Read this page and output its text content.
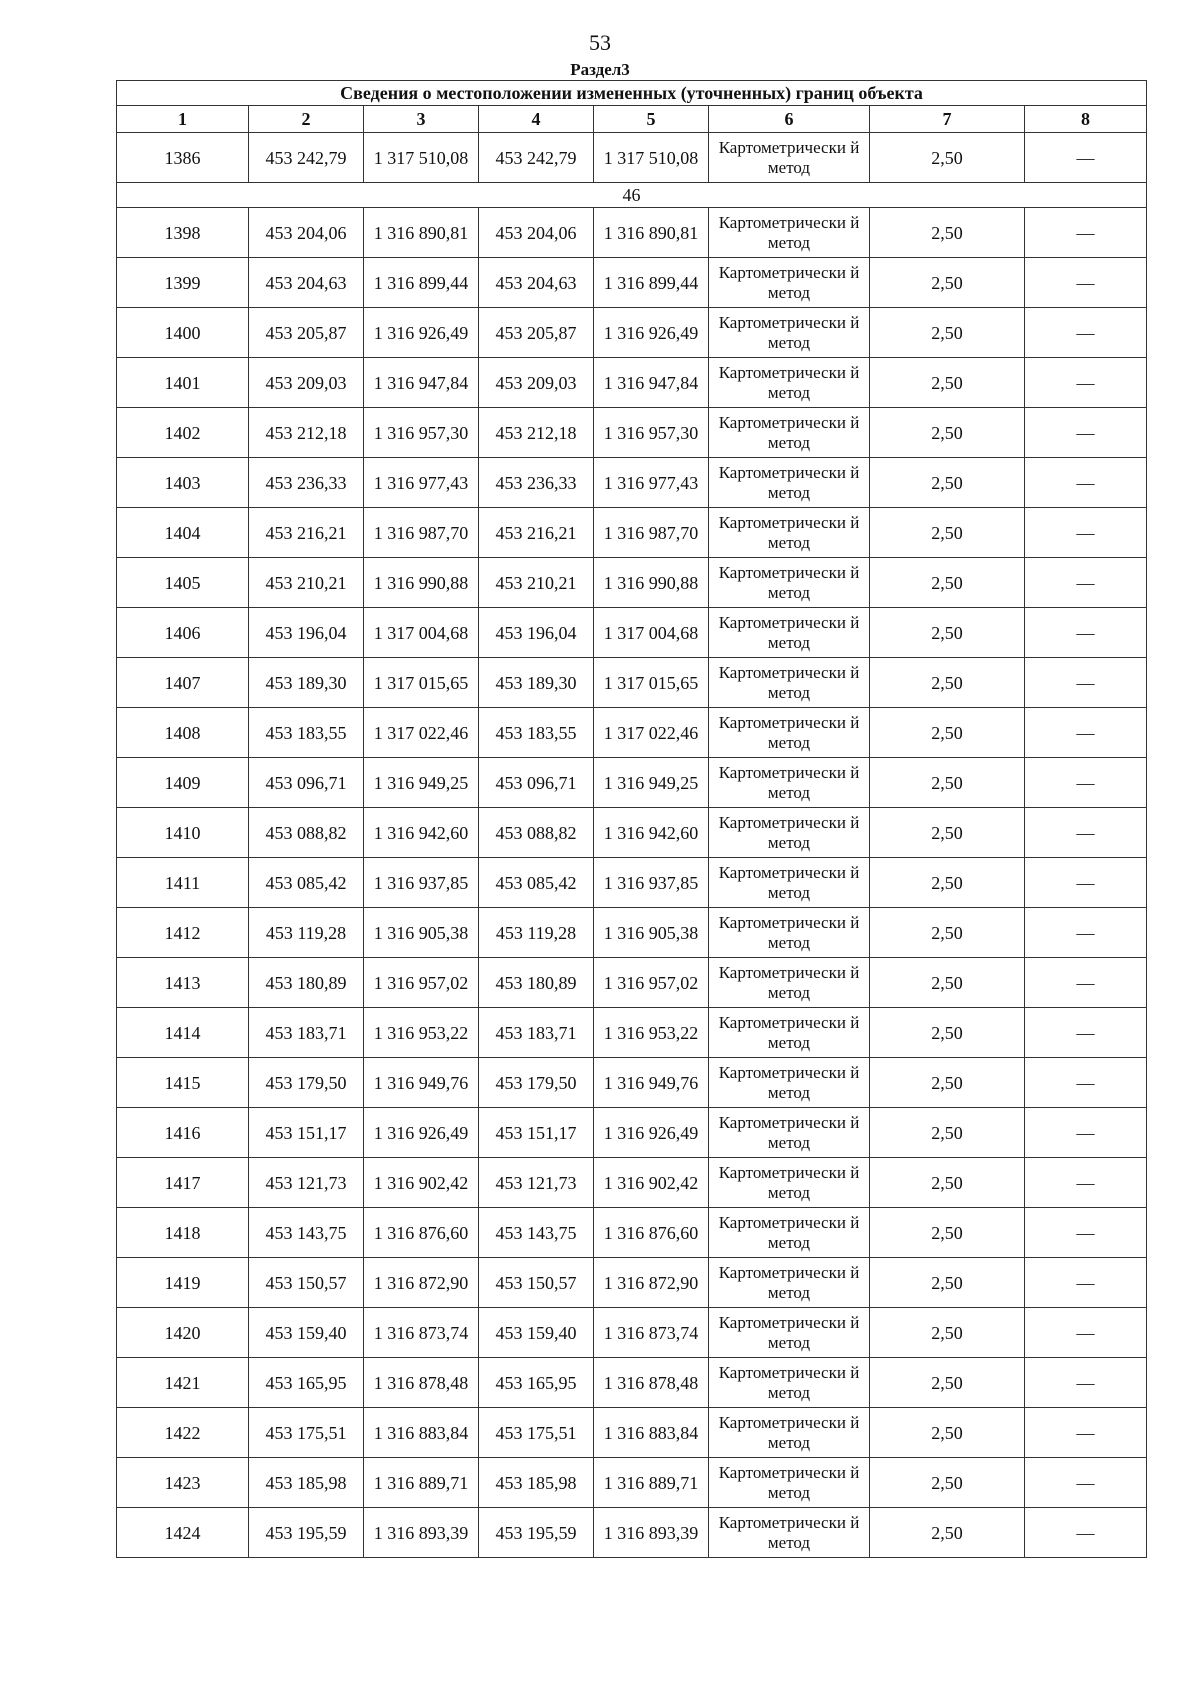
53
Раздел3
Сведения о местоположении измененных (уточненных) границ объекта							
1	2	3	4	5	6	7	8
1386	453 242,79	1 317 510,08	453 242,79	1 317 510,08	Картометрически й метод	2,50	—
46							
1398	453 204,06	1 316 890,81	453 204,06	1 316 890,81	Картометрически й метод	2,50	—
1399	453 204,63	1 316 899,44	453 204,63	1 316 899,44	Картометрически й метод	2,50	—
1400	453 205,87	1 316 926,49	453 205,87	1 316 926,49	Картометрически й метод	2,50	—
1401	453 209,03	1 316 947,84	453 209,03	1 316 947,84	Картометрически й метод	2,50	—
1402	453 212,18	1 316 957,30	453 212,18	1 316 957,30	Картометрически й метод	2,50	—
1403	453 236,33	1 316 977,43	453 236,33	1 316 977,43	Картометрически й метод	2,50	—
1404	453 216,21	1 316 987,70	453 216,21	1 316 987,70	Картометрически й метод	2,50	—
1405	453 210,21	1 316 990,88	453 210,21	1 316 990,88	Картометрически й метод	2,50	—
1406	453 196,04	1 317 004,68	453 196,04	1 317 004,68	Картометрически й метод	2,50	—
1407	453 189,30	1 317 015,65	453 189,30	1 317 015,65	Картометрически й метод	2,50	—
1408	453 183,55	1 317 022,46	453 183,55	1 317 022,46	Картометрически й метод	2,50	—
1409	453 096,71	1 316 949,25	453 096,71	1 316 949,25	Картометрически й метод	2,50	—
1410	453 088,82	1 316 942,60	453 088,82	1 316 942,60	Картометрически й метод	2,50	—
1411	453 085,42	1 316 937,85	453 085,42	1 316 937,85	Картометрически й метод	2,50	—
1412	453 119,28	1 316 905,38	453 119,28	1 316 905,38	Картометрически й метод	2,50	—
1413	453 180,89	1 316 957,02	453 180,89	1 316 957,02	Картометрически й метод	2,50	—
1414	453 183,71	1 316 953,22	453 183,71	1 316 953,22	Картометрически й метод	2,50	—
1415	453 179,50	1 316 949,76	453 179,50	1 316 949,76	Картометрически й метод	2,50	—
1416	453 151,17	1 316 926,49	453 151,17	1 316 926,49	Картометрически й метод	2,50	—
1417	453 121,73	1 316 902,42	453 121,73	1 316 902,42	Картометрически й метод	2,50	—
1418	453 143,75	1 316 876,60	453 143,75	1 316 876,60	Картометрически й метод	2,50	—
1419	453 150,57	1 316 872,90	453 150,57	1 316 872,90	Картометрически й метод	2,50	—
1420	453 159,40	1 316 873,74	453 159,40	1 316 873,74	Картометрически й метод	2,50	—
1421	453 165,95	1 316 878,48	453 165,95	1 316 878,48	Картометрически й метод	2,50	—
1422	453 175,51	1 316 883,84	453 175,51	1 316 883,84	Картометрически й метод	2,50	—
1423	453 185,98	1 316 889,71	453 185,98	1 316 889,71	Картометрически й метод	2,50	—
1424	453 195,59	1 316 893,39	453 195,59	1 316 893,39	Картометрически й метод	2,50	—
